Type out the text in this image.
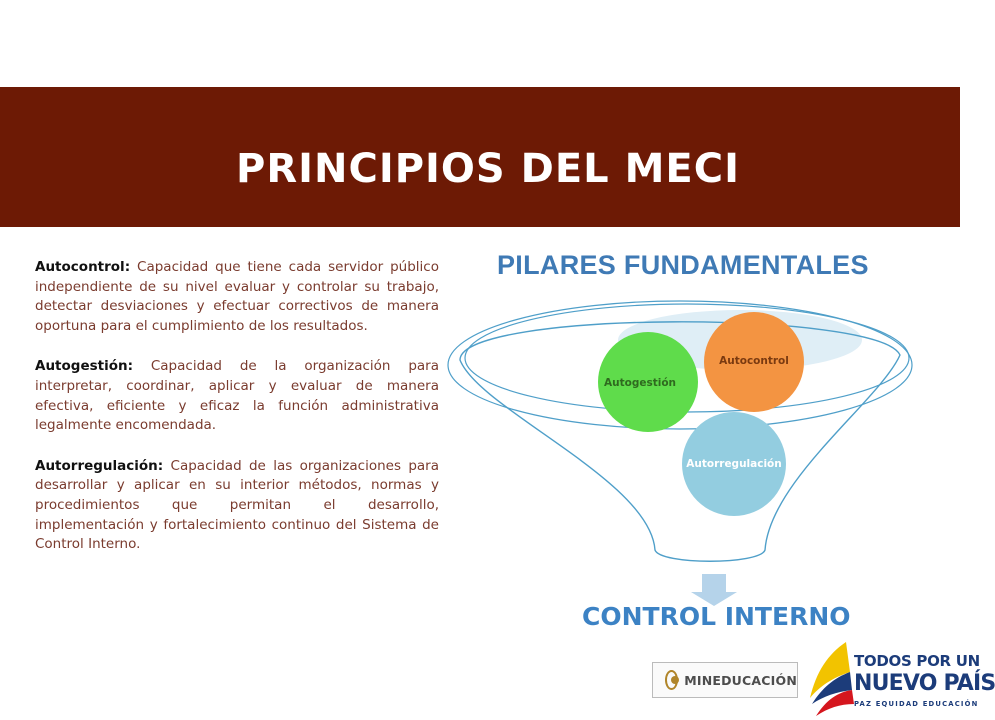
PRINCIPIOS DEL MECI

Autocontrol: Capacidad que tiene cada servidor público independiente de su nivel evaluar y controlar su trabajo, detectar desviaciones y efectuar correctivos de manera oportuna para el cumplimiento de los resultados.

Autogestión: Capacidad de la organización para interpretar, coordinar, aplicar y evaluar de manera efectiva, eficiente y eficaz la función administrativa legalmente encomendada.

Autorregulación: Capacidad de las organizaciones para desarrollar y aplicar en su interior métodos, normas y procedimientos que permitan el desarrollo, implementación y fortalecimiento continuo del Sistema de Control Interno.

PILARES FUNDAMENTALES
Autorregulación
Autogestión
Autocontrol
CONTROL INTERNO
MINEDUCACIÓN
TODOS POR UN
NUEVO PAÍS
PAZ EQUIDAD EDUCACIÓN
